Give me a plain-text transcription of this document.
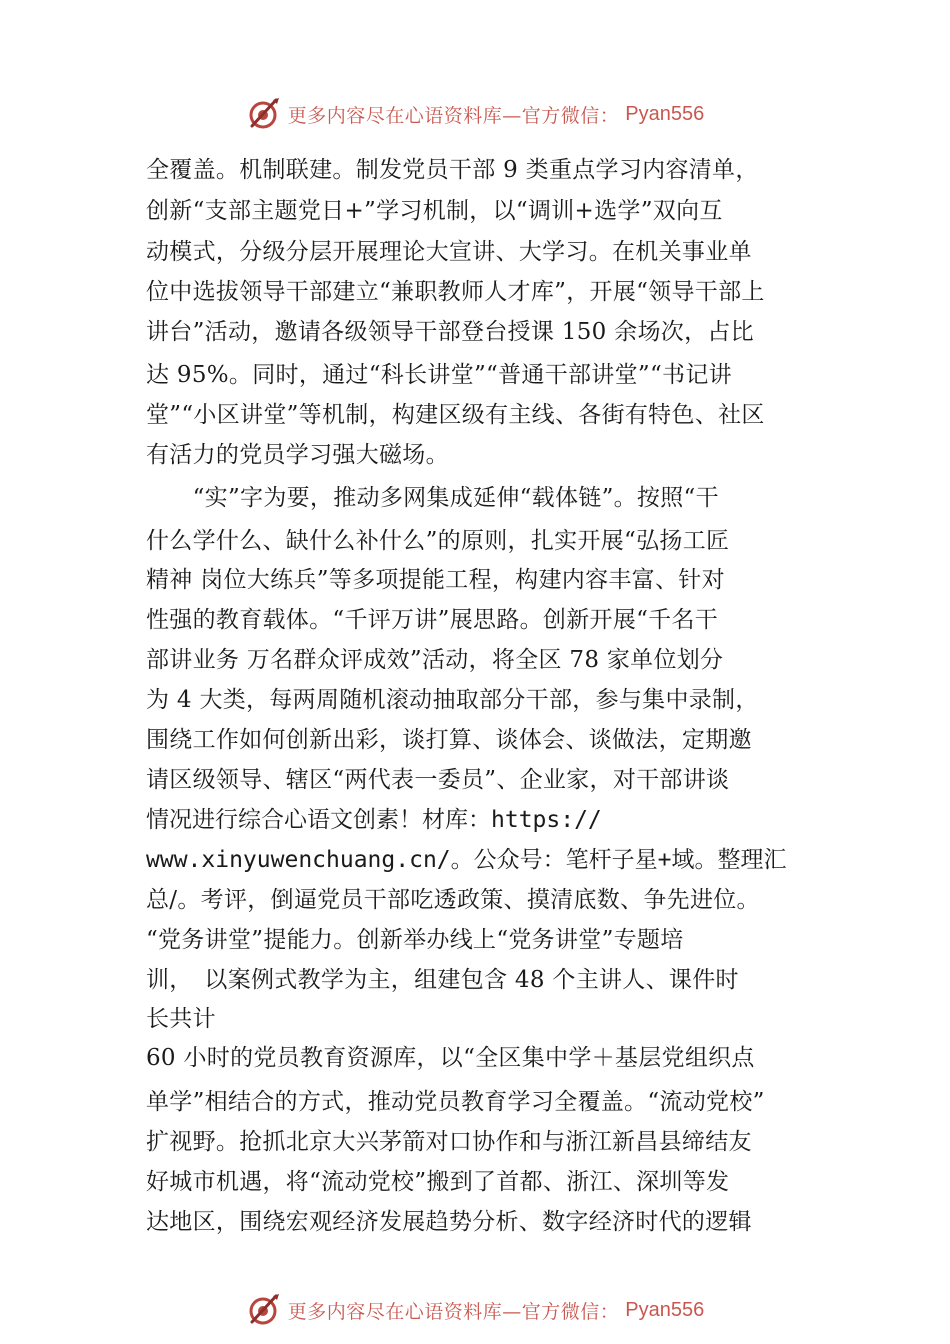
更多内容尽在心语资料库—官方微信： Pyan556
全覆盖。机制联建。制发党员干部 9 类重点学习内容清单，
创新“支部主题党日+”学习机制，以“调训+选学”双向互
动模式，分级分层开展理论大宣讲、大学习。在机关事业单
位中选拔领导干部建立“兼职教师人才库”，开展“领导干部上
讲台”活动，邀请各级领导干部登台授课 150 余场次，占比
达 95%。同时，通过“科长讲堂”“普通干部讲堂”“书记讲
堂”“小区讲堂”等机制，构建区级有主线、各街有特色、社区
有活力的党员学习强大磁场。
　　“实”字为要，推动多网集成延伸“载体链”。按照“干
什么学什么、缺什么补什么”的原则，扎实开展“弘扬工匠
精神 岗位大练兵”等多项提能工程，构建内容丰富、针对
性强的教育载体。“千评万讲”展思路。创新开展“千名干
部讲业务 万名群众评成效”活动，将全区 78 家单位划分
为 4 大类，每两周随机滚动抽取部分干部，参与集中录制，
围绕工作如何创新出彩，谈打算、谈体会、谈做法，定期邀
请区级领导、辖区“两代表一委员”、企业家，对干部讲谈
情况进行综合心语文创素！材库：https://
www.xinyuwenchuang.cn/。公众号：笔杆子星+域。整理汇
总/。考评，倒逼党员干部吃透政策、摸清底数、争先进位。
“党务讲堂”提能力。创新举办线上“党务讲堂”专题培
训，　以案例式教学为主，组建包含 48 个主讲人、课件时
长共计
60 小时的党员教育资源库，以“全区集中学＋基层党组织点
单学”相结合的方式，推动党员教育学习全覆盖。“流动党校”
扩视野。抢抓北京大兴茅箭对口协作和与浙江新昌县缔结友
好城市机遇，将“流动党校”搬到了首都、浙江、深圳等发
达地区，围绕宏观经济发展趋势分析、数字经济时代的逻辑
更多内容尽在心语资料库—官方微信： Pyan556
